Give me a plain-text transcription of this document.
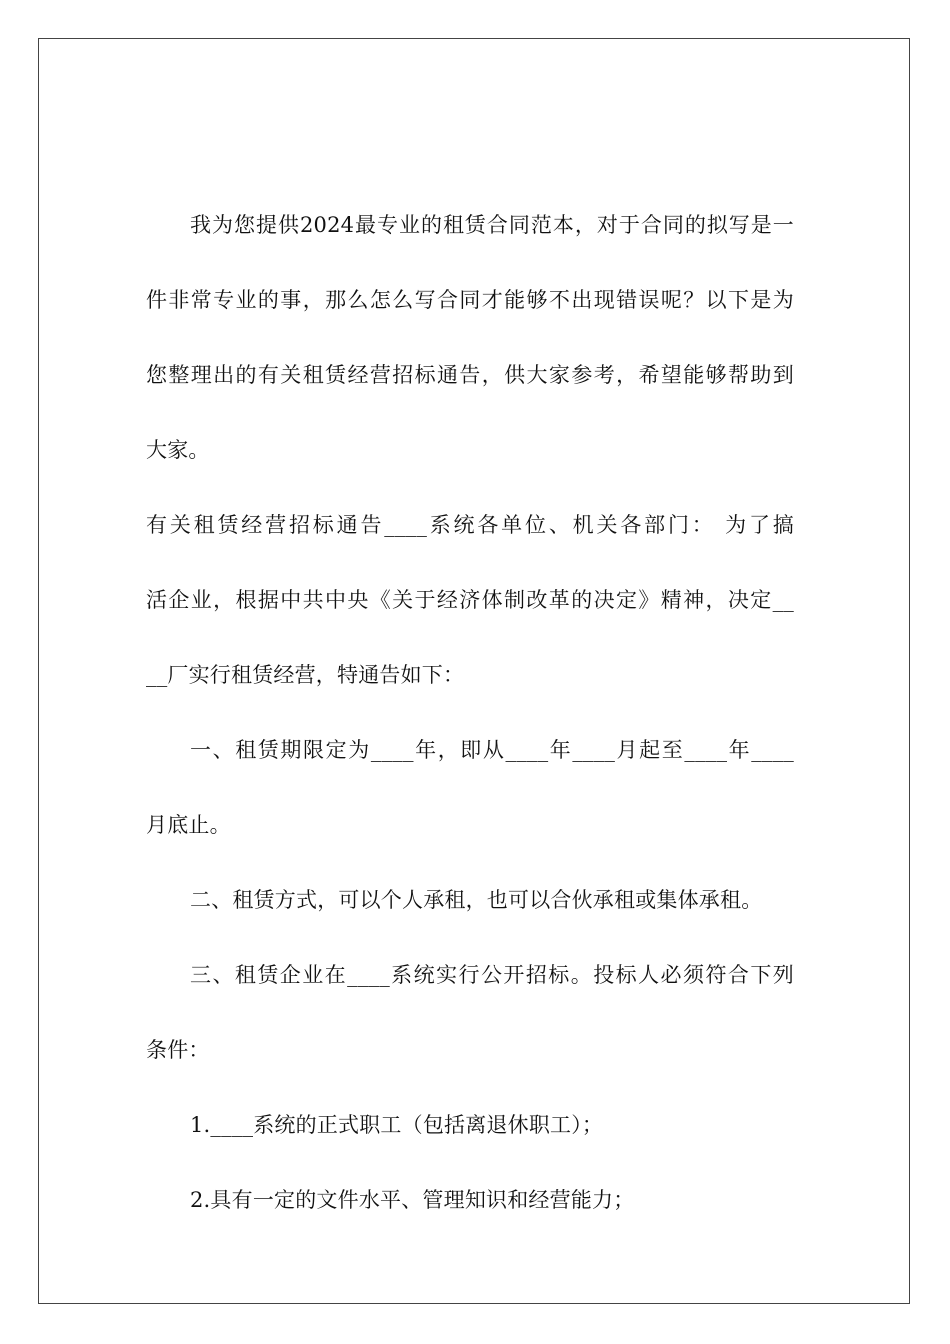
我为您提供2024最专业的租赁合同范本，对于合同的拟写是一
件非常专业的事，那么怎么写合同才能够不出现错误呢？以下是为
您整理出的有关租赁经营招标通告，供大家参考，希望能够帮助到
大家。
有关租赁经营招标通告____系统各单位、机关各部门： 为了搞
活企业，根据中共中央《关于经济体制改革的决定》精神，决定__
__厂实行租赁经营，特通告如下：
一、租赁期限定为____年，即从____年____月起至____年____
月底止。
二、租赁方式，可以个人承租，也可以合伙承租或集体承租。
三、租赁企业在____系统实行公开招标。投标人必须符合下列
条件：
1.____系统的正式职工（包括离退休职工）；
2.具有一定的文件水平、管理知识和经营能力；
